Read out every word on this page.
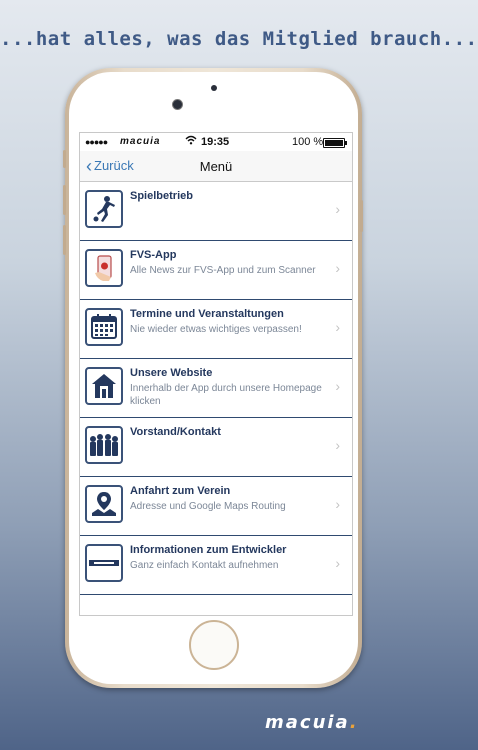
...hat alles, was das Mitglied brauch...
●●●●● macuia	19:35	100 %
‹ Zurück	Menü
Spielbetrieb
›
FVS-App
Alle News zur FVS-App und zum Scanner	›
Termine und Veranstaltungen
Nie wieder etwas wichtiges verpassen!	›
Unsere Website
Innerhalb der App durch unsere Homepage klicken
›
Vorstand/Kontakt
›
Anfahrt zum Verein
Adresse und Google Maps Routing	›
Informationen zum Entwickler
Ganz einfach Kontakt aufnehmen	›
macuia.
